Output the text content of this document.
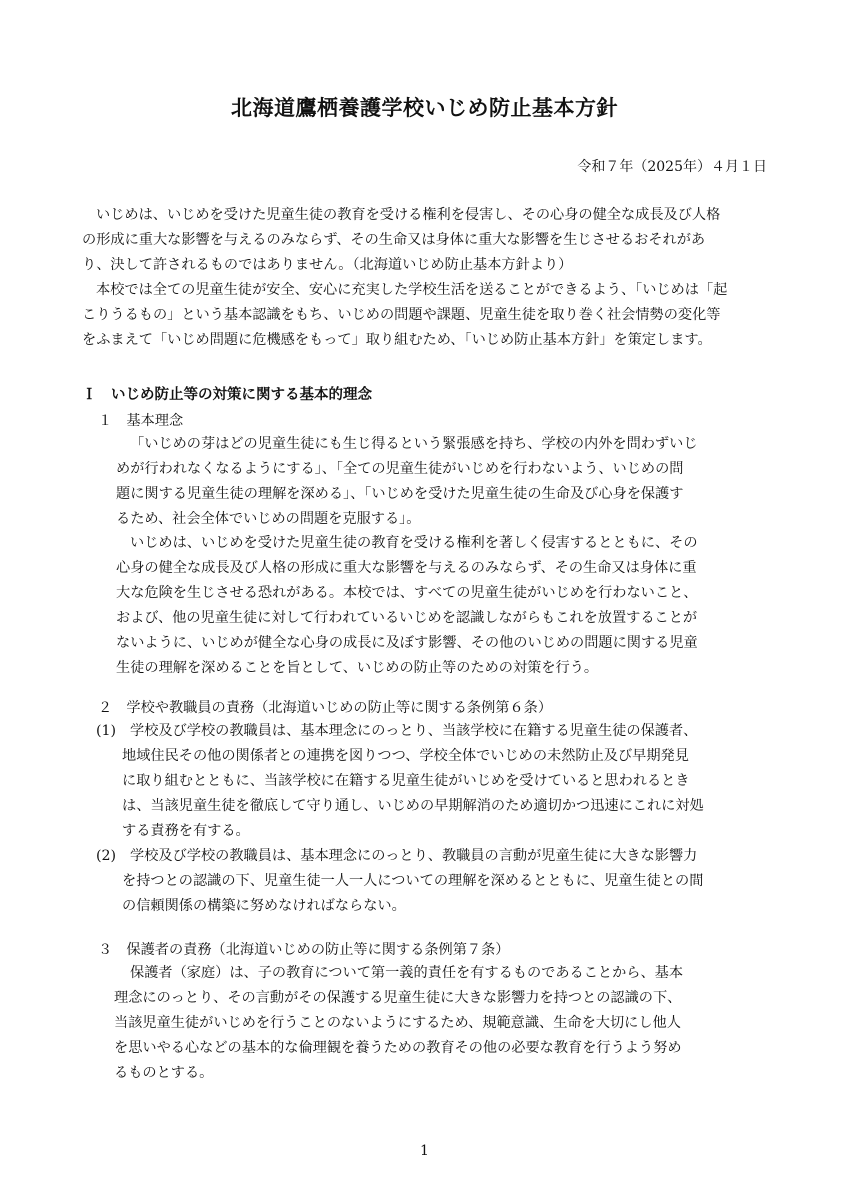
北海道鷹栖養護学校いじめ防止基本方針
令和７年（2025年）４月１日
いじめは、いじめを受けた児童生徒の教育を受ける権利を侵害し、その心身の健全な成長及び人格
の形成に重大な影響を与えるのみならず、その生命又は身体に重大な影響を生じさせるおそれがあ
り、決して許されるものではありません。（北海道いじめ防止基本方針より）
本校では全ての児童生徒が安全、安心に充実した学校生活を送ることができるよう、「いじめは「起
こりうるもの」という基本認識をもち、いじめの問題や課題、児童生徒を取り巻く社会情勢の変化等
をふまえて「いじめ問題に危機感をもって」取り組むため、「いじめ防止基本方針」を策定します。
Ｉ　いじめ防止等の対策に関する基本的理念
１　基本理念
「いじめの芽はどの児童生徒にも生じ得るという緊張感を持ち、学校の内外を問わずいじ
めが行われなくなるようにする」、「全ての児童生徒がいじめを行わないよう、いじめの問
題に関する児童生徒の理解を深める」、「いじめを受けた児童生徒の生命及び心身を保護す
るため、社会全体でいじめの問題を克服する」。
いじめは、いじめを受けた児童生徒の教育を受ける権利を著しく侵害するとともに、その
心身の健全な成長及び人格の形成に重大な影響を与えるのみならず、その生命又は身体に重
大な危険を生じさせる恐れがある。本校では、すべての児童生徒がいじめを行わないこと、
および、他の児童生徒に対して行われているいじめを認識しながらもこれを放置することが
ないように、いじめが健全な心身の成長に及ぼす影響、その他のいじめの問題に関する児童
生徒の理解を深めることを旨として、いじめの防止等のための対策を行う。
２　学校や教職員の責務（北海道いじめの防止等に関する条例第６条）
(1) 学校及び学校の教職員は、基本理念にのっとり、当該学校に在籍する児童生徒の保護者、
地域住民その他の関係者との連携を図りつつ、学校全体でいじめの未然防止及び早期発見
に取り組むとともに、当該学校に在籍する児童生徒がいじめを受けていると思われるとき
は、当該児童生徒を徹底して守り通し、いじめの早期解消のため適切かつ迅速にこれに対処
する責務を有する。
(2) 学校及び学校の教職員は、基本理念にのっとり、教職員の言動が児童生徒に大きな影響力
を持つとの認識の下、児童生徒一人一人についての理解を深めるとともに、児童生徒との間
の信頼関係の構築に努めなければならない。
３　保護者の責務（北海道いじめの防止等に関する条例第７条）
保護者（家庭）は、子の教育について第一義的責任を有するものであることから、基本
理念にのっとり、その言動がその保護する児童生徒に大きな影響力を持つとの認識の下、
当該児童生徒がいじめを行うことのないようにするため、規範意識、生命を大切にし他人
を思いやる心などの基本的な倫理観を養うための教育その他の必要な教育を行うよう努め
るものとする。
1
